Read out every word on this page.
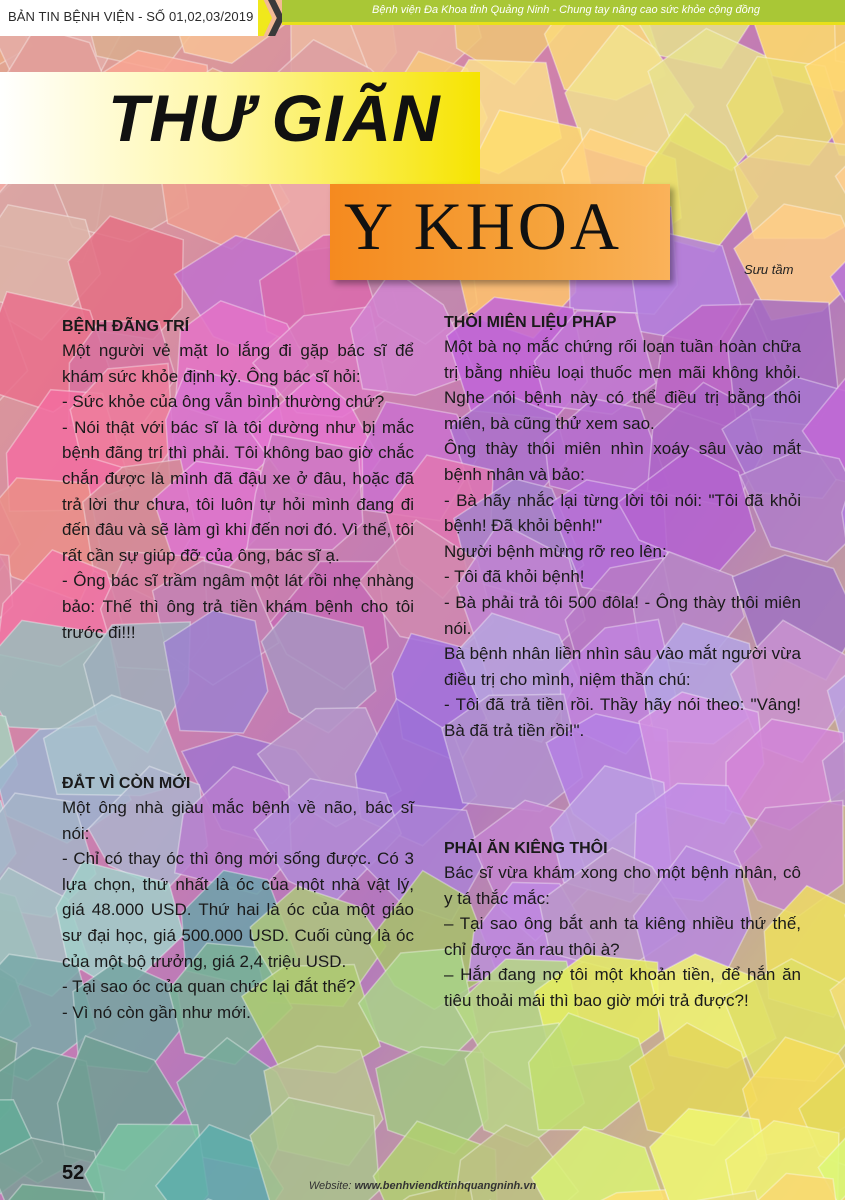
BẢN TIN BỆNH VIỆN - SỐ 01,02,03/2019	Bệnh viện Đa Khoa tỉnh Quảng Ninh - Chung tay nâng cao sức khỏe cộng đồng
THƯ GIÃN
Y KHOA
Sưu tầm

BỆNH ĐÃNG TRÍ

Một người vẻ mặt lo lắng đi gặp bác sĩ để khám sức khỏe định kỳ. Ông bác sĩ hỏi:

- Sức khỏe của ông vẫn bình thường chứ?

- Nói thật với bác sĩ là tôi dường như bị mắc bệnh đãng trí thì phải. Tôi không bao giờ chắc chắn được là mình đã đậu xe ở đâu, hoặc đã trả lời thư chưa, tôi luôn tự hỏi mình đang đi đến đâu và sẽ làm gì khi đến nơi đó. Vì thế, tôi rất cần sự giúp đỡ của ông, bác sĩ ạ.

- Ông bác sĩ trầm ngâm một lát rồi nhẹ nhàng bảo: Thế thì ông trả tiền khám bệnh cho tôi trước đi!!!

ĐẮT VÌ CÒN MỚI

Một ông nhà giàu mắc bệnh về não, bác sĩ nói:

- Chỉ có thay óc thì ông mới sống được. Có 3 lựa chọn, thứ nhất là óc của một nhà vật lý, giá 48.000 USD. Thứ hai là óc của một giáo sư đại học, giá 500.000 USD. Cuối cùng là óc của một bộ trưởng, giá 2,4 triệu USD.

- Tại sao óc của quan chức lại đắt thế?

- Vì nó còn gần như mới.

THÔI MIÊN LIỆU PHÁP

Một bà nọ mắc chứng rối loạn tuần hoàn chữa trị bằng nhiều loại thuốc men mãi không khỏi. Nghe nói bệnh này có thể điều trị bằng thôi miên, bà cũng thử xem sao.

Ông thày thôi miên nhìn xoáy sâu vào mắt bệnh nhân và bảo:

- Bà hãy nhắc lại từng lời tôi nói: "Tôi đã khỏi bệnh! Đã khỏi bệnh!"

Người bệnh mừng rỡ reo lên:

- Tôi đã khỏi bệnh!

- Bà phải trả tôi 500 đôla! - Ông thày thôi miên nói.

Bà bệnh nhân liền nhìn sâu vào mắt người vừa điều trị cho mình, niệm thần chú:

- Tôi đã trả tiền rồi. Thầy hãy nói theo: "Vâng! Bà đã trả tiền rồi!".

PHẢI ĂN KIÊNG THÔI

Bác sĩ vừa khám xong cho một bệnh nhân, cô y tá thắc mắc:

– Tại sao ông bắt anh ta kiêng nhiều thứ thế, chỉ được ăn rau thôi à?

– Hắn đang nợ tôi một khoản tiền, để hắn ăn tiêu thoải mái thì bao giờ mới trả được?!

52
Website: www.benhviendktinhquangninh.vn
